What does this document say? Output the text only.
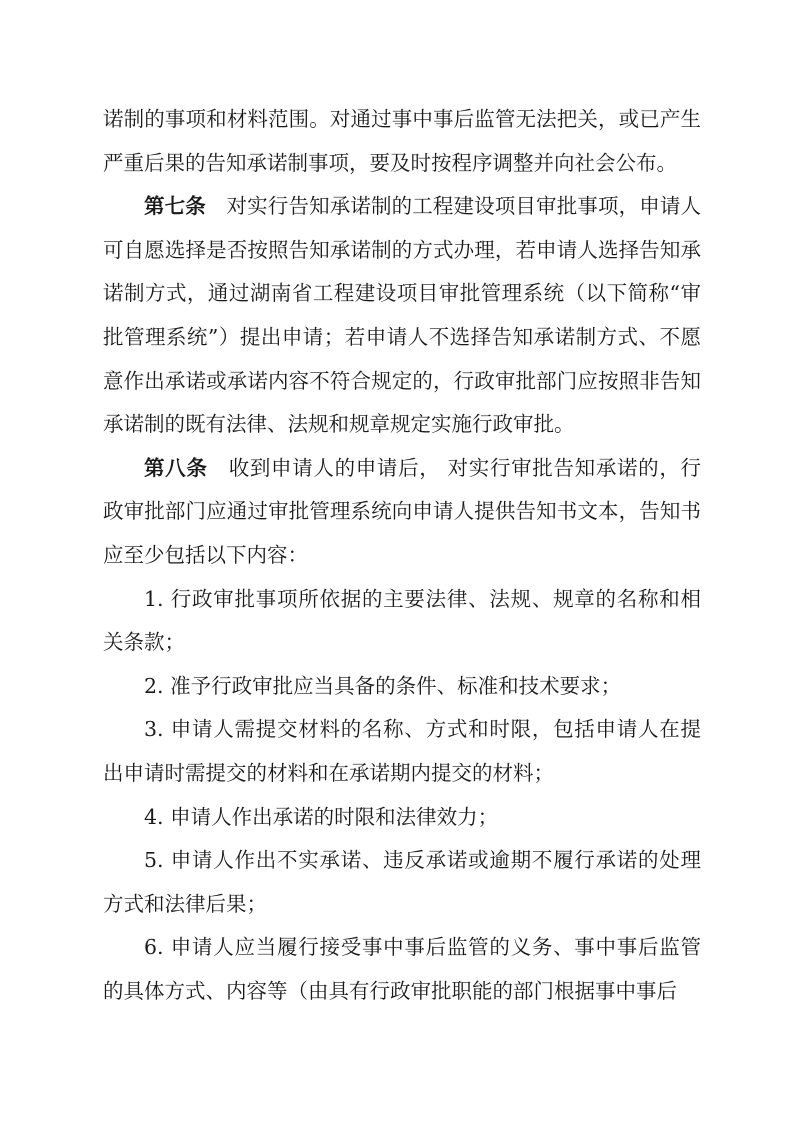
诺制的事项和材料范围。对通过事中事后监管无法把关，或已产生严重后果的告知承诺制事项，要及时按程序调整并向社会公布。

第七条  对实行告知承诺制的工程建设项目审批事项，申请人可自愿选择是否按照告知承诺制的方式办理，若申请人选择告知承诺制方式，通过湖南省工程建设项目审批管理系统（以下简称“审批管理系统”）提出申请；若申请人不选择告知承诺制方式、不愿意作出承诺或承诺内容不符合规定的，行政审批部门应按照非告知承诺制的既有法律、法规和规章规定实施行政审批。

第八条  收到申请人的申请后， 对实行审批告知承诺的，行政审批部门应通过审批管理系统向申请人提供告知书文本，告知书应至少包括以下内容：

1. 行政审批事项所依据的主要法律、法规、规章的名称和相关条款；

2. 准予行政审批应当具备的条件、标准和技术要求；

3. 申请人需提交材料的名称、方式和时限，包括申请人在提出申请时需提交的材料和在承诺期内提交的材料；

4. 申请人作出承诺的时限和法律效力；

5. 申请人作出不实承诺、违反承诺或逾期不履行承诺的处理方式和法律后果；

6. 申请人应当履行接受事中事后监管的义务、事中事后监管的具体方式、内容等（由具有行政审批职能的部门根据事中事后
